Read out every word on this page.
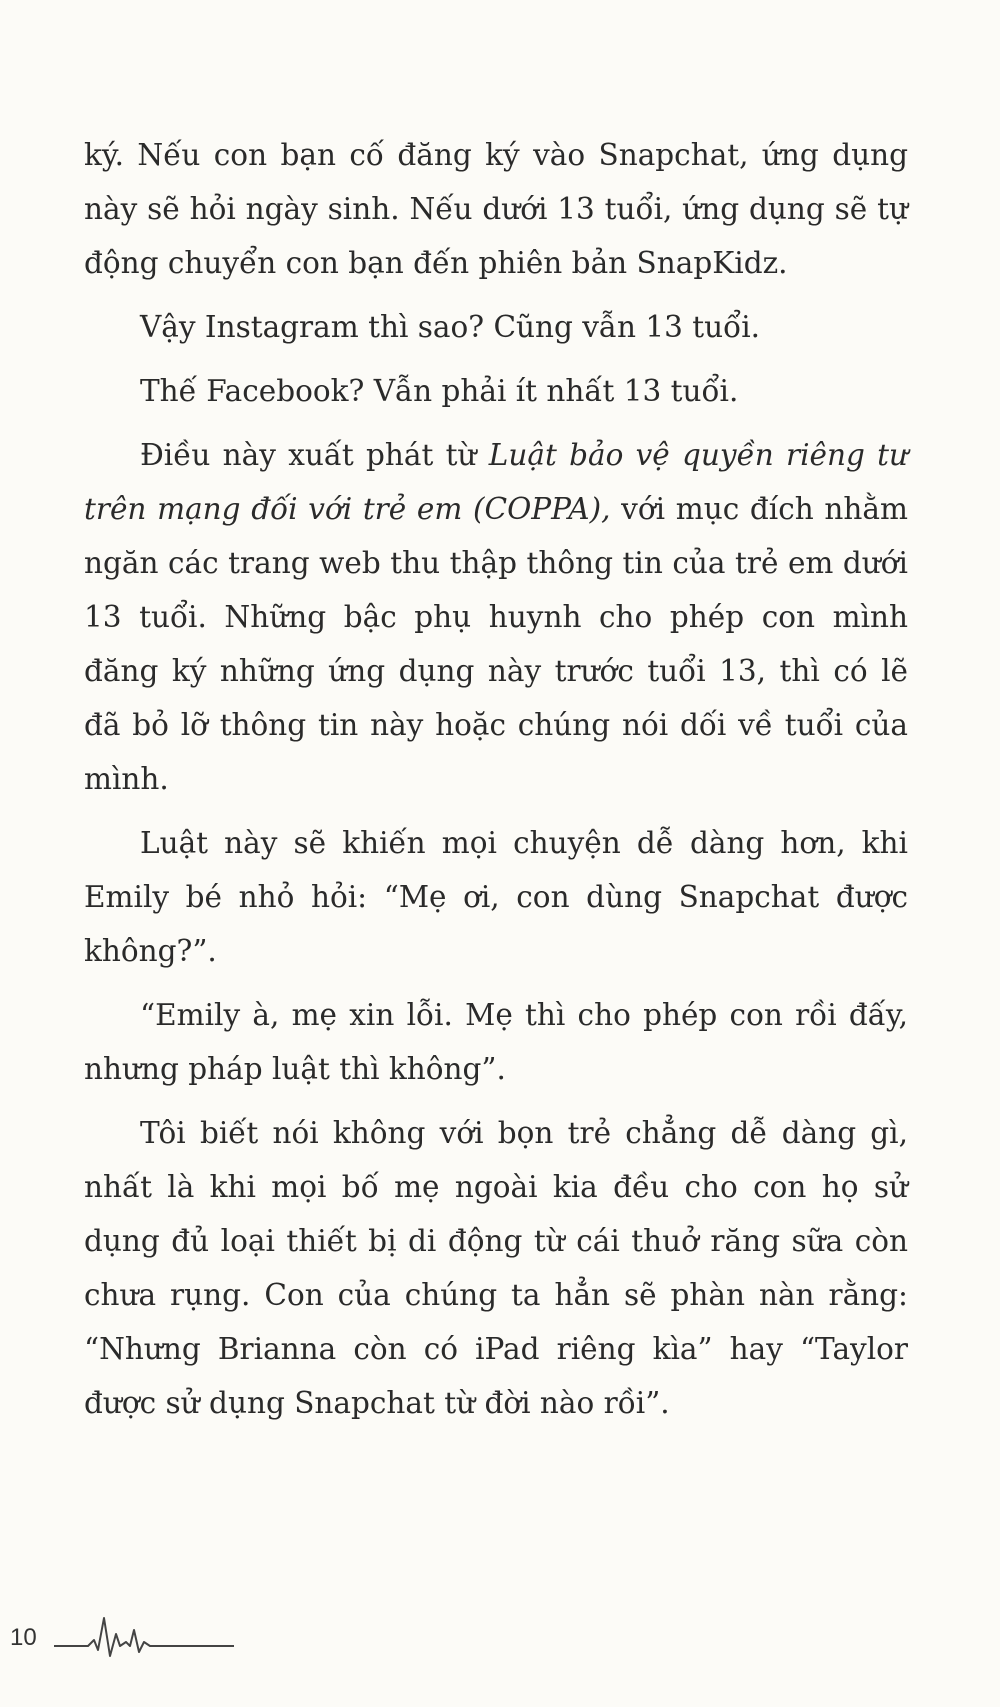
ký. Nếu con bạn cố đăng ký vào Snapchat, ứng dụng này sẽ hỏi ngày sinh. Nếu dưới 13 tuổi, ứng dụng sẽ tự động chuyển con bạn đến phiên bản SnapKidz.

Vậy Instagram thì sao? Cũng vẫn 13 tuổi.

Thế Facebook? Vẫn phải ít nhất 13 tuổi.

Điều này xuất phát từ Luật bảo vệ quyền riêng tư trên mạng đối với trẻ em (COPPA), với mục đích nhằm ngăn các trang web thu thập thông tin của trẻ em dưới 13 tuổi. Những bậc phụ huynh cho phép con mình đăng ký những ứng dụng này trước tuổi 13, thì có lẽ đã bỏ lỡ thông tin này hoặc chúng nói dối về tuổi của mình.

Luật này sẽ khiến mọi chuyện dễ dàng hơn, khi Emily bé nhỏ hỏi: “Mẹ ơi, con dùng Snapchat được không?”.

“Emily à, mẹ xin lỗi. Mẹ thì cho phép con rồi đấy, nhưng pháp luật thì không”.

Tôi biết nói không với bọn trẻ chẳng dễ dàng gì, nhất là khi mọi bố mẹ ngoài kia đều cho con họ sử dụng đủ loại thiết bị di động từ cái thuở răng sữa còn chưa rụng. Con của chúng ta hẳn sẽ phàn nàn rằng: “Nhưng Brianna còn có iPad riêng kìa” hay “Taylor được sử dụng Snapchat từ đời nào rồi”.

10
